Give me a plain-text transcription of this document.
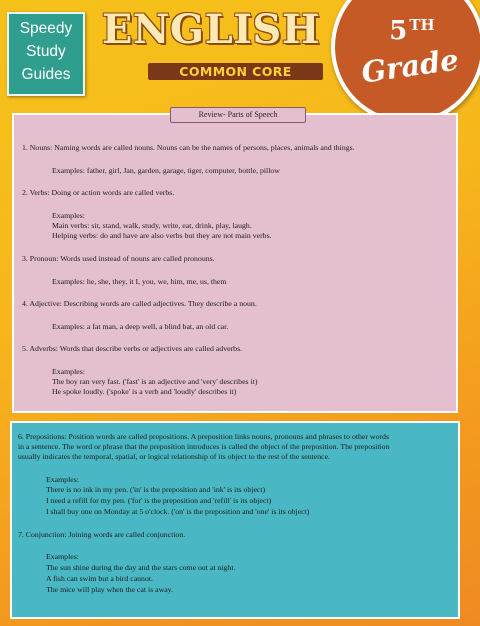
Speedy
Study
Guides
ENGLISH
COMMON CORE
5 $^{TH}$
Grade
1. Nouns: Naming words are called nouns. Nouns can be the names of persons, places, animals and things.
Examples: father, girl, Jan, garden, garage, tiger, computer, bottle, pillow
2. Verbs: Doing or action words are called verbs.
Examples:
Main verbs: sit, stand, walk, study, write, eat, drink, play, laugh.
Helping verbs: do and have are also verbs but they are not main verbs.
3. Pronoun: Words used instead of nouns are called pronouns.
Examples: he, she, they, it I, you, we, him, me, us, them
4. Adjective: Describing words are called adjectives. They describe a noun.
Examples: a fat man, a deep well, a blind bat, an old car.
5. Adverbs: Words that describe verbs or adjectives are called adverbs.
Examples:
The boy ran very fast. ('fast' is an adjective and 'very' describes it)
He spoke loudly. ('spoke' is a verb and 'loudly' describes it)
Review- Parts of Speech
6. Prepositions: Position words are called prepositions. A preposition links nouns, pronouns and phrases to other words
in a sentence. The word or phrase that the preposition introduces is called the object of the preposition. The preposition
usually indicates the temporal, spatial, or logical relationship of its object to the rest of the sentence.
Examples:
There is no ink in my pen. ('in' is the preposition and 'ink' is its object)
I need a refill for my pen. ('for' is the preposition and 'refill' is its object)
I shall buy one on Monday at 5 o'clock. ('on' is the preposition and 'one' is its object)
7. Conjunction: Joining words are called conjunction.
Examples:
The sun shine during the day and the stars come out at night.
A fish can swim but a bird cannot.
The mice will play when the cat is away.
